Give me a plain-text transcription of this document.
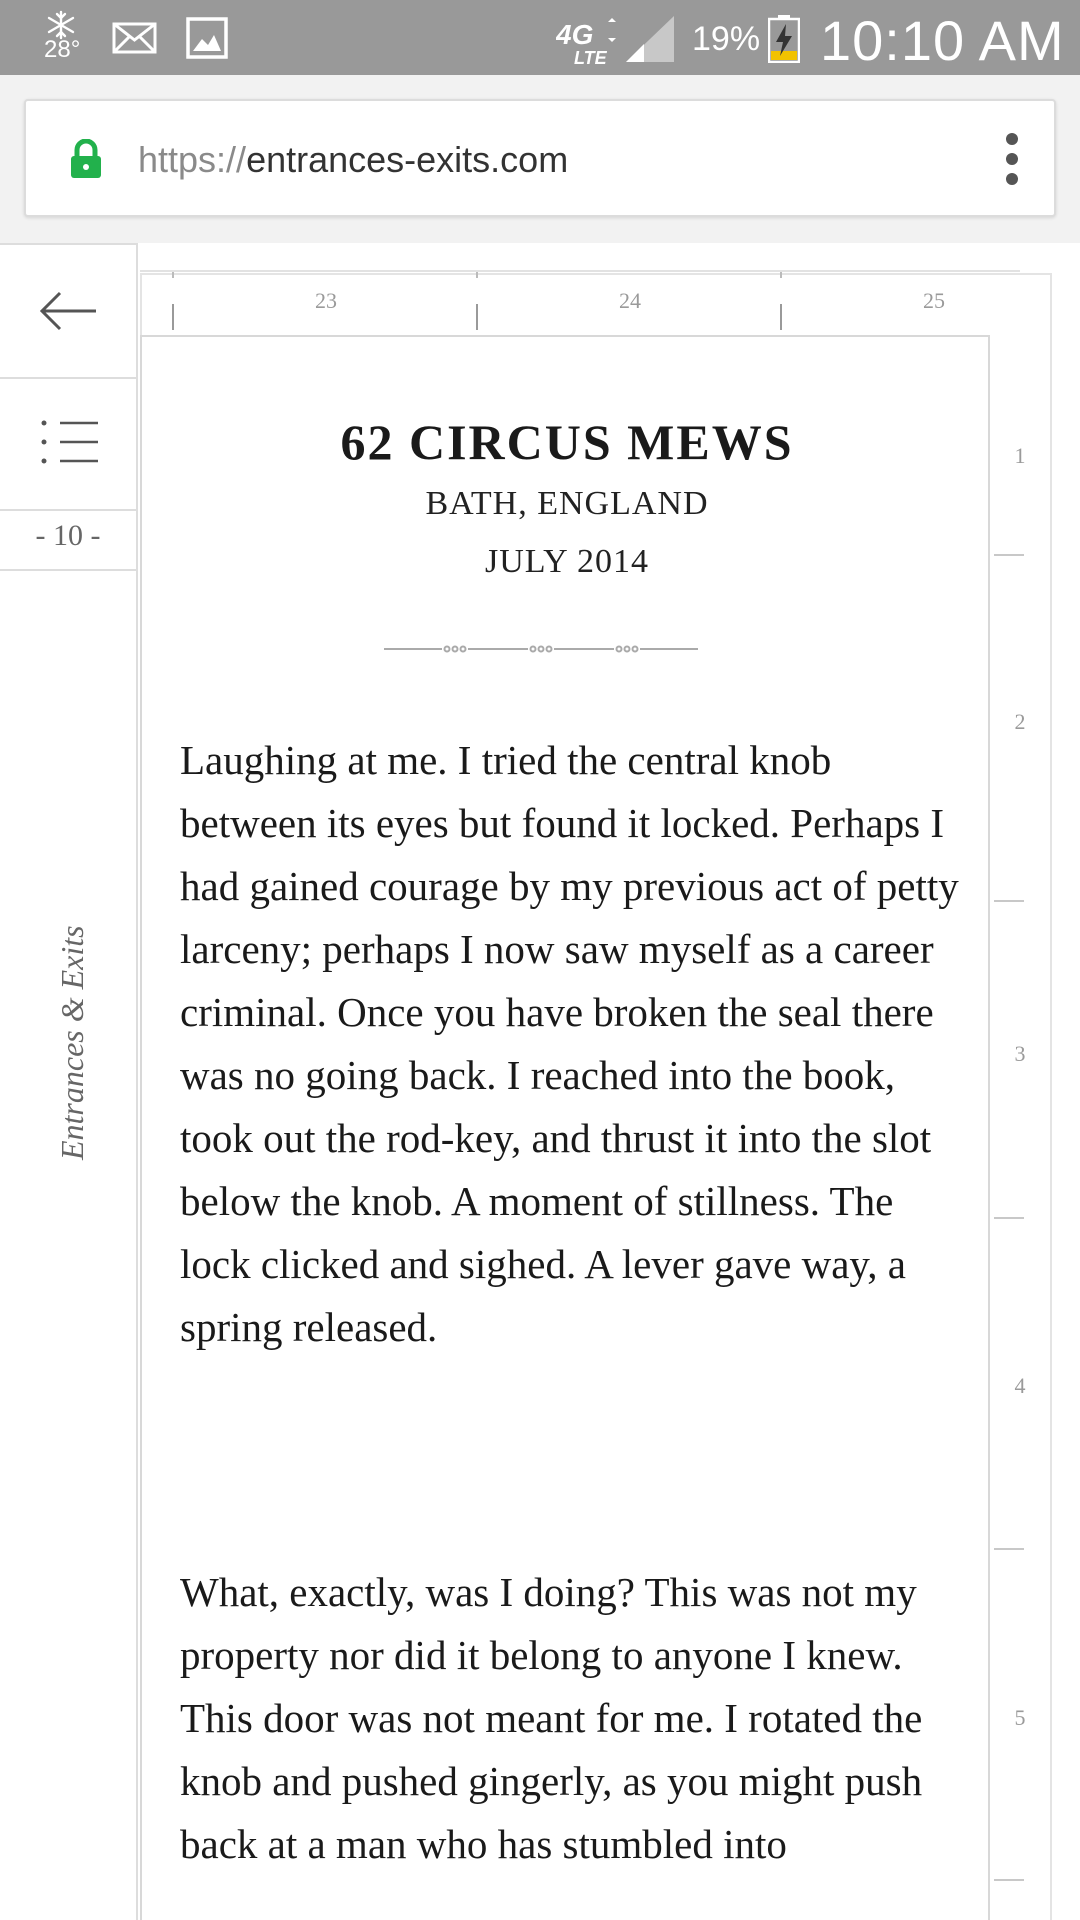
28°	4G
LTE	19% 10:10 AM
https://entrances-exits.com
- 10 -
Entrances & Exits
23	24	25
62 CIRCUS MEWS
BATH, ENGLAND
JULY 2014

Laughing at me. I tried the central knob between its eyes but found it locked. Perhaps I had gained courage by my previous act of petty larceny; perhaps I now saw myself as a career criminal. Once you have broken the seal there was no going back. I reached into the book, took out the rod-key, and thrust it into the slot below the knob. A moment of stillness. The lock clicked and sighed. A lever gave way, a spring released.

What, exactly, was I doing? This was not my property nor did it belong to anyone I knew. This door was not meant for me. I rotated the knob and pushed gingerly, as you might push back at a man who has stumbled into

1
2
3
4
5
